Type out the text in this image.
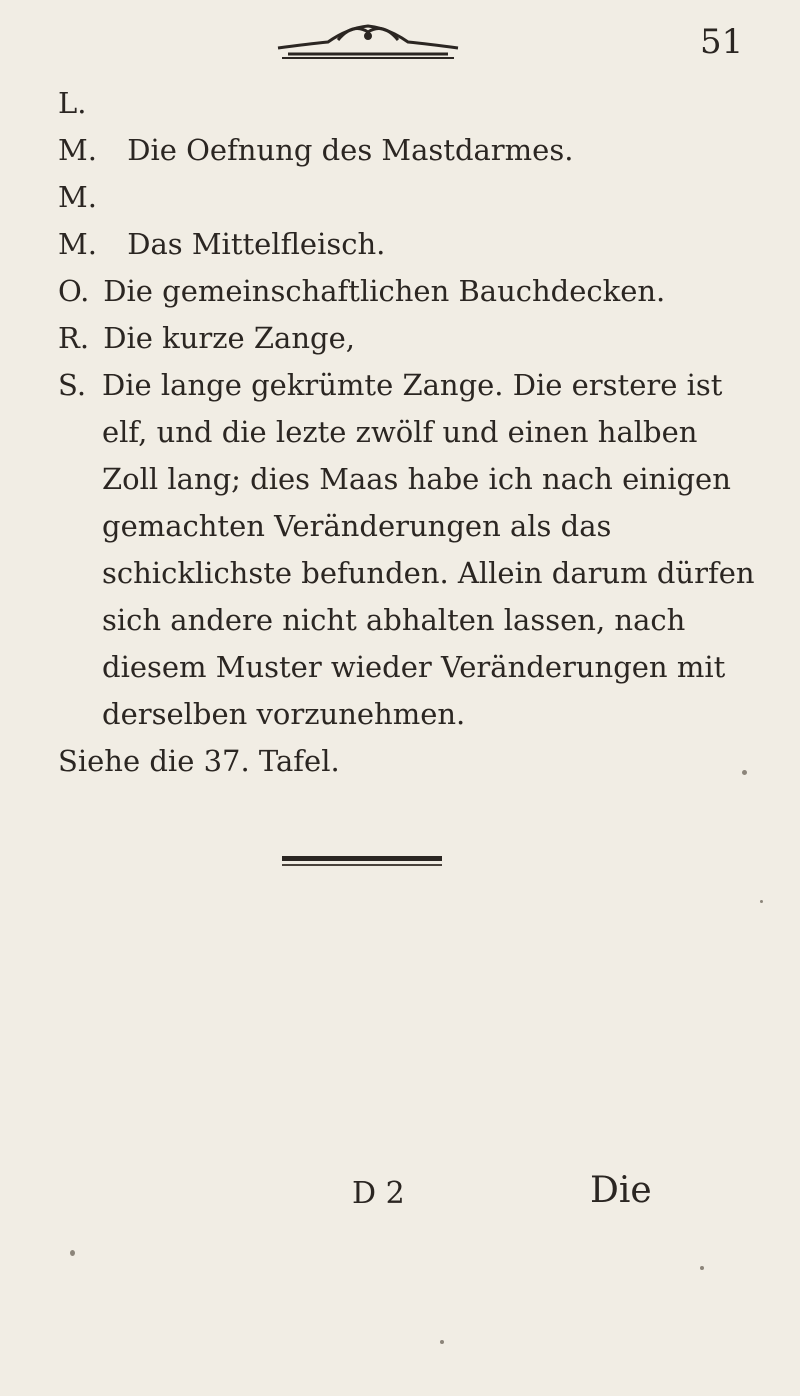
51
L. M. Die Oefnung des Mastdarmes.
M. M. Das Mittelfleisch.
O. Die gemeinschaftlichen Bauchdecken.
R. Die kurze Zange,
S. Die lange gekrümte Zange. Die erstere ist elf, und die lezte zwölf und einen halben Zoll lang; dies Maas habe ich nach einigen gemachten Veränderungen als das schicklichste befunden. Allein darum dürfen sich andere nicht abhalten lassen, nach diesem Muster wieder Veränderungen mit derselben vorzunehmen.
Siehe die 37. Tafel.
D 2	Die
